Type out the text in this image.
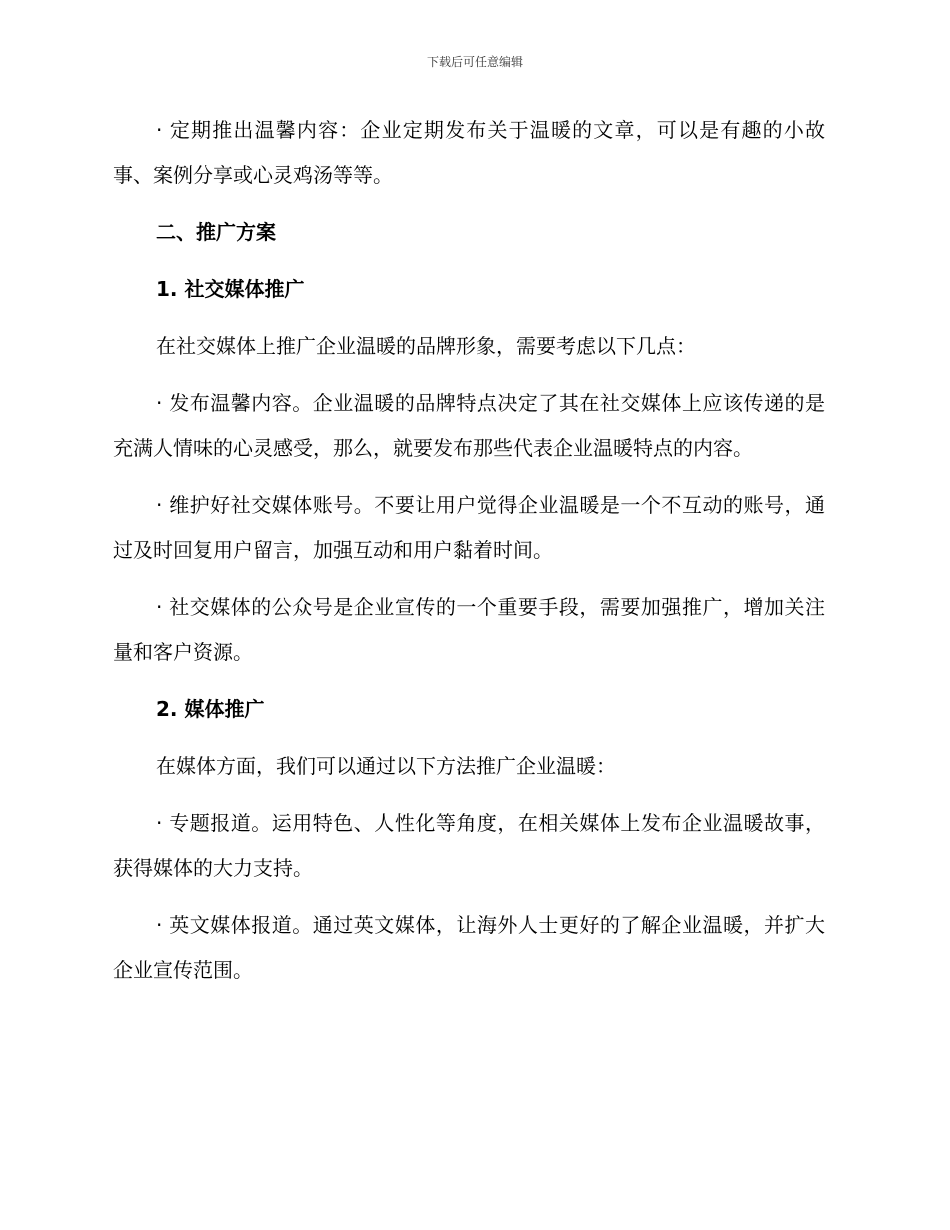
下载后可任意编辑

· 定期推出温馨内容：企业定期发布关于温暖的文章，可以是有趣的小故事、案例分享或心灵鸡汤等等。

二、推广方案

1. 社交媒体推广

在社交媒体上推广企业温暖的品牌形象，需要考虑以下几点：

· 发布温馨内容。企业温暖的品牌特点决定了其在社交媒体上应该传递的是充满人情味的心灵感受，那么，就要发布那些代表企业温暖特点的内容。

· 维护好社交媒体账号。不要让用户觉得企业温暖是一个不互动的账号，通过及时回复用户留言，加强互动和用户黏着时间。

· 社交媒体的公众号是企业宣传的一个重要手段，需要加强推广，增加关注量和客户资源。

2. 媒体推广

在媒体方面，我们可以通过以下方法推广企业温暖：

· 专题报道。运用特色、人性化等角度，在相关媒体上发布企业温暖故事，获得媒体的大力支持。

· 英文媒体报道。通过英文媒体，让海外人士更好的了解企业温暖，并扩大企业宣传范围。
